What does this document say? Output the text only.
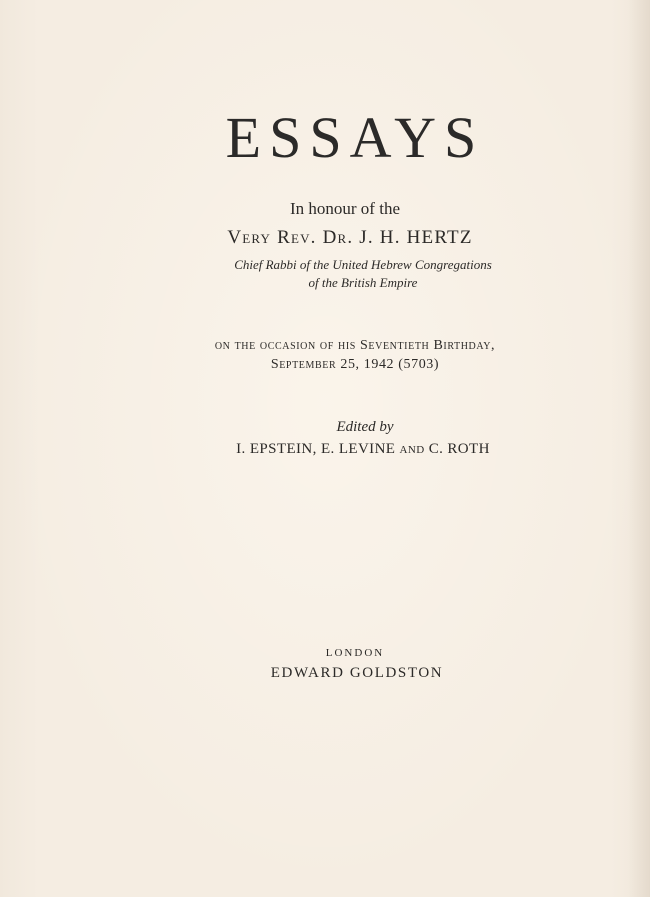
ESSAYS
In honour of the
Very Rev. Dr. J. H. HERTZ
Chief Rabbi of the United Hebrew Congregations
of the British Empire
on the occasion of his Seventieth Birthday,
September 25, 1942 (5703)
Edited by
I. EPSTEIN, E. LEVINE and C. ROTH
LONDON
EDWARD GOLDSTON
